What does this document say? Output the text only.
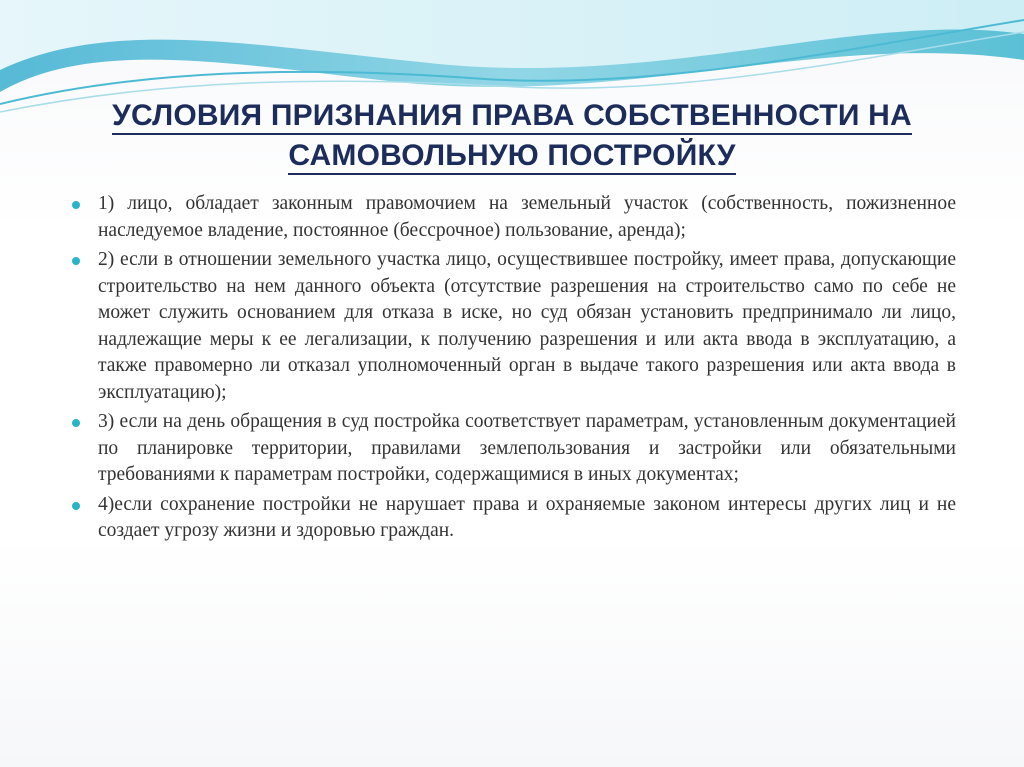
УСЛОВИЯ ПРИЗНАНИЯ ПРАВА СОБСТВЕННОСТИ НА
САМОВОЛЬНУЮ ПОСТРОЙКУ
1) лицо, обладает законным правомочием на земельный участок (собственность, пожизненное наследуемое владение, постоянное (бессрочное) пользование, аренда);
2) если в отношении земельного участка лицо, осуществившее постройку, имеет права, допускающие строительство на нем данного объекта (отсутствие разрешения на строительство само по себе не может служить основанием для отказа в иске, но суд обязан установить предпринимало ли лицо, надлежащие меры к ее легализации, к получению разрешения и или акта ввода в эксплуатацию, а также правомерно ли отказал уполномоченный орган в выдаче такого разрешения или акта ввода в эксплуатацию);
3) если на день обращения в суд постройка соответствует параметрам, установленным документацией по планировке территории, правилами землепользования и застройки или обязательными требованиями к параметрам постройки, содержащимися в иных документах;
4)если сохранение постройки не нарушает права и охраняемые законом интересы других лиц и не создает угрозу жизни и здоровью граждан.
